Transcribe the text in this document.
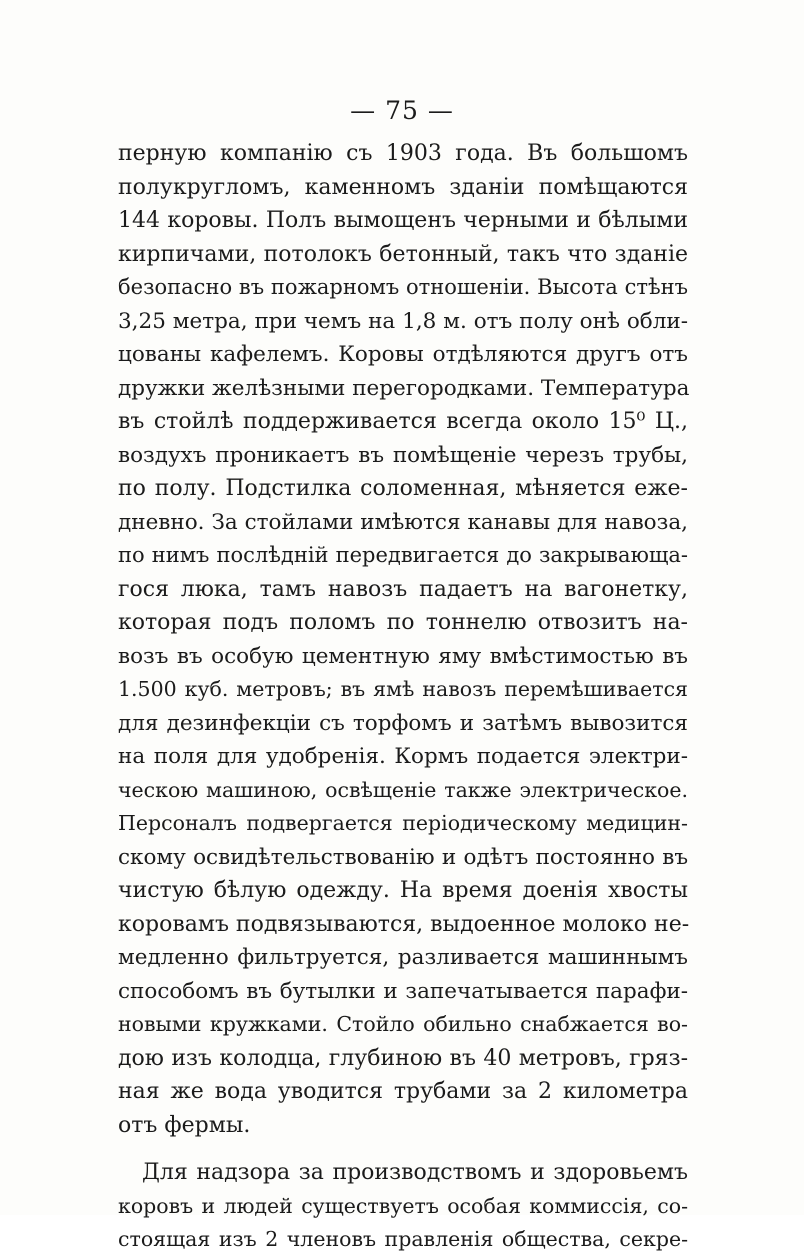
— 75 —
перную компанію съ 1903 года. Въ большомъ
полукругломъ, каменномъ зданіи помѣщаются
144 коровы. Полъ вымощенъ черными и бѣлыми
кирпичами, потолокъ бетонный, такъ что зданіе
безопасно въ пожарномъ отношеніи. Высота стѣнъ
3,25 метра, при чемъ на 1,8 м. отъ полу онѣ обли-
цованы кафелемъ. Коровы отдѣляются другъ отъ
дружки желѣзными перегородками. Температура
въ стойлѣ поддерживается всегда около 15⁰ Ц.,
воздухъ проникаетъ въ помѣщеніе черезъ трубы,
по полу. Подстилка соломенная, мѣняется еже-
дневно. За стойлами имѣются канавы для навоза,
по нимъ послѣдній передвигается до закрывающа-
гося люка, тамъ навозъ падаетъ на вагонетку,
которая подъ поломъ по тоннелю отвозитъ на-
возъ въ особую цементную яму вмѣстимостью въ
1.500 куб. метровъ; въ ямѣ навозъ перемѣшивается
для дезинфекціи съ торфомъ и затѣмъ вывозится
на поля для удобренія. Кормъ подается электри-
ческою машиною, освѣщеніе также электрическое.
Персоналъ подвергается періодическому медицин-
скому освидѣтельствованію и одѣтъ постоянно въ
чистую бѣлую одежду. На время доенія хвосты
коровамъ подвязываются, выдоенное молоко не-
медленно фильтруется, разливается машиннымъ
способомъ въ бутылки и запечатывается парафи-
новыми кружками. Стойло обильно снабжается во-
дою изъ колодца, глубиною въ 40 метровъ, гряз-
ная же вода уводится трубами за 2 километра
отъ фермы.
Для надзора за производствомъ и здоровьемъ
коровъ и людей существуетъ особая коммиссія, со-
стоящая изъ 2 членовъ правленія общества, секре-
